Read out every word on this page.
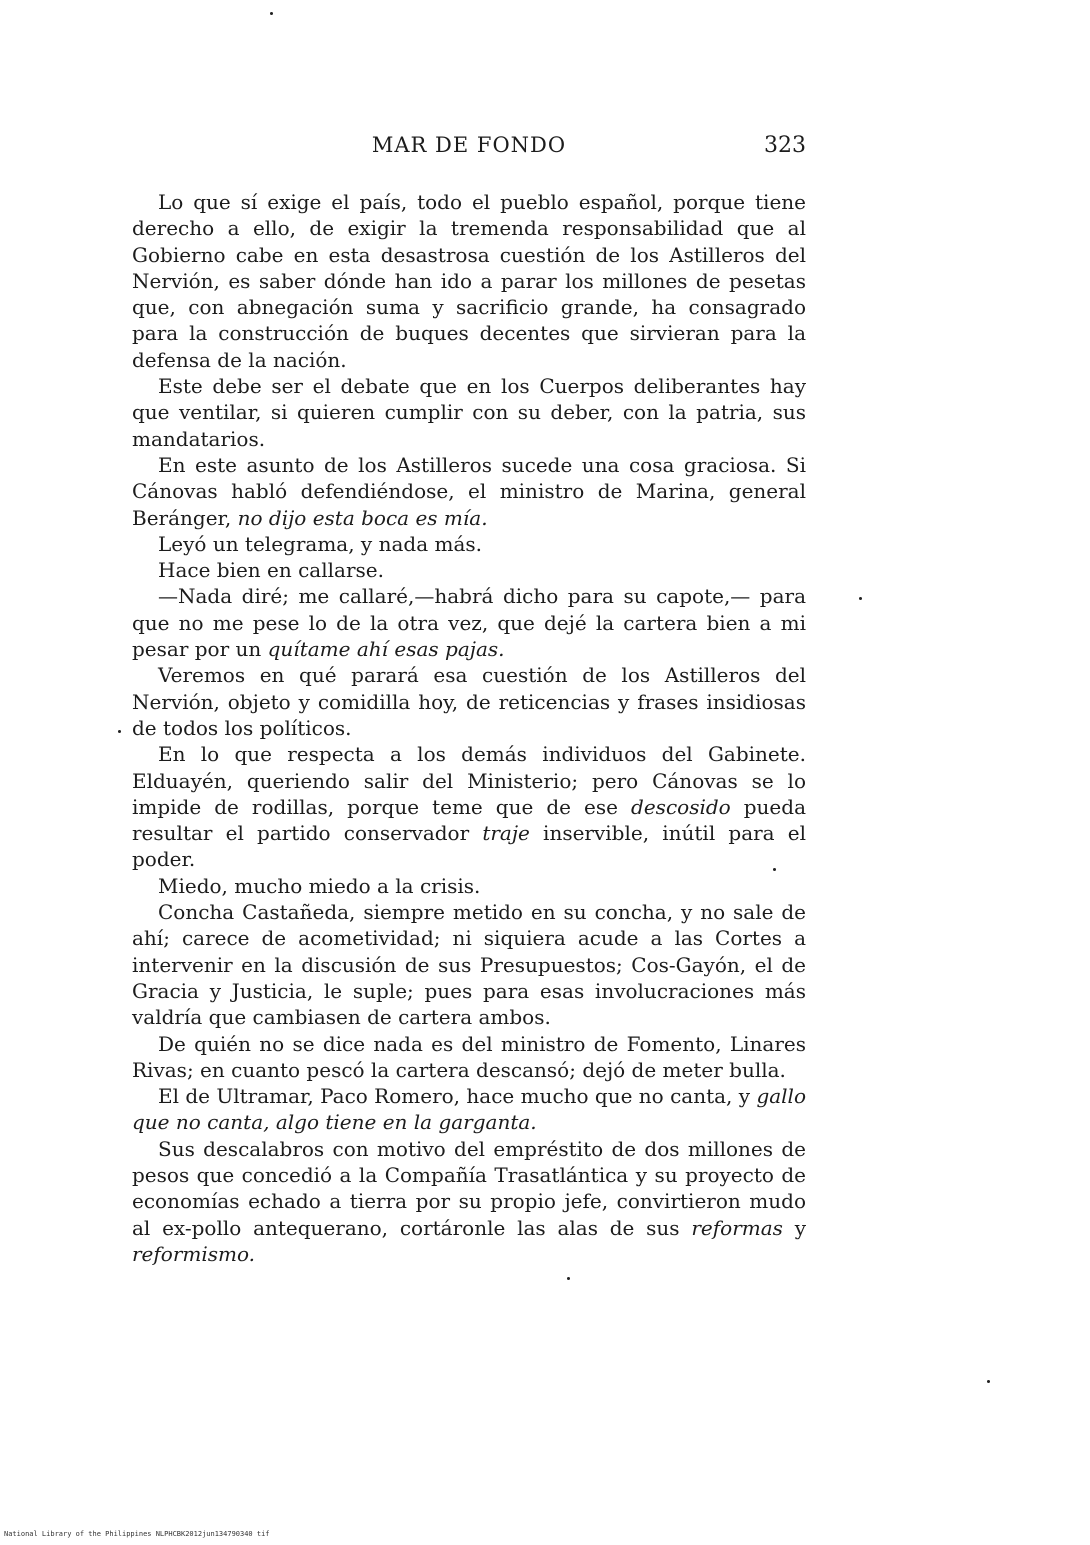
MAR DE FONDO	323

Lo que sí exige el país, todo el pueblo español, porque tiene derecho a ello, de exigir la tremenda responsabilidad que al Gobierno cabe en esta desastrosa cuestión de los Astilleros del Nervión, es saber dónde han ido a parar los millones de pesetas que, con abnegación suma y sacrificio grande, ha consagrado para la construcción de buques decentes que sirvieran para la defensa de la nación.

Este debe ser el debate que en los Cuerpos deliberantes hay que ventilar, si quieren cumplir con su deber, con la patria, sus mandatarios.

En este asunto de los Astilleros sucede una cosa graciosa. Si Cánovas habló defendiéndose, el ministro de Marina, general Beránger, no dijo esta boca es mía.

Leyó un telegrama, y nada más.

Hace bien en callarse.

—Nada diré; me callaré,—habrá dicho para su capote,— para que no me pese lo de la otra vez, que dejé la cartera bien a mi pesar por un quítame ahí esas pajas.

Veremos en qué parará esa cuestión de los Astilleros del Nervión, objeto y comidilla hoy, de reticencias y frases insidiosas de todos los políticos.

En lo que respecta a los demás individuos del Gabinete. Elduayén, queriendo salir del Ministerio; pero Cánovas se lo impide de rodillas, porque teme que de ese descosido pueda resultar el partido conservador traje inservible, inútil para el poder.

Miedo, mucho miedo a la crisis.

Concha Castañeda, siempre metido en su concha, y no sale de ahí; carece de acometividad; ni siquiera acude a las Cortes a intervenir en la discusión de sus Presupuestos; Cos-Gayón, el de Gracia y Justicia, le suple; pues para esas involucraciones más valdría que cambiasen de cartera ambos.

De quién no se dice nada es del ministro de Fomento, Linares Rivas; en cuanto pescó la cartera descansó; dejó de meter bulla.

El de Ultramar, Paco Romero, hace mucho que no canta, y gallo que no canta, algo tiene en la garganta.

Sus descalabros con motivo del empréstito de dos millones de pesos que concedió a la Compañía Trasatlántica y su proyecto de economías echado a tierra por su propio jefe, convirtieron mudo al ex-pollo antequerano, cortáronle las alas de sus reformas y reformismo.

National Library of the Philippines NLPHCBK2012jun134790340 tif
